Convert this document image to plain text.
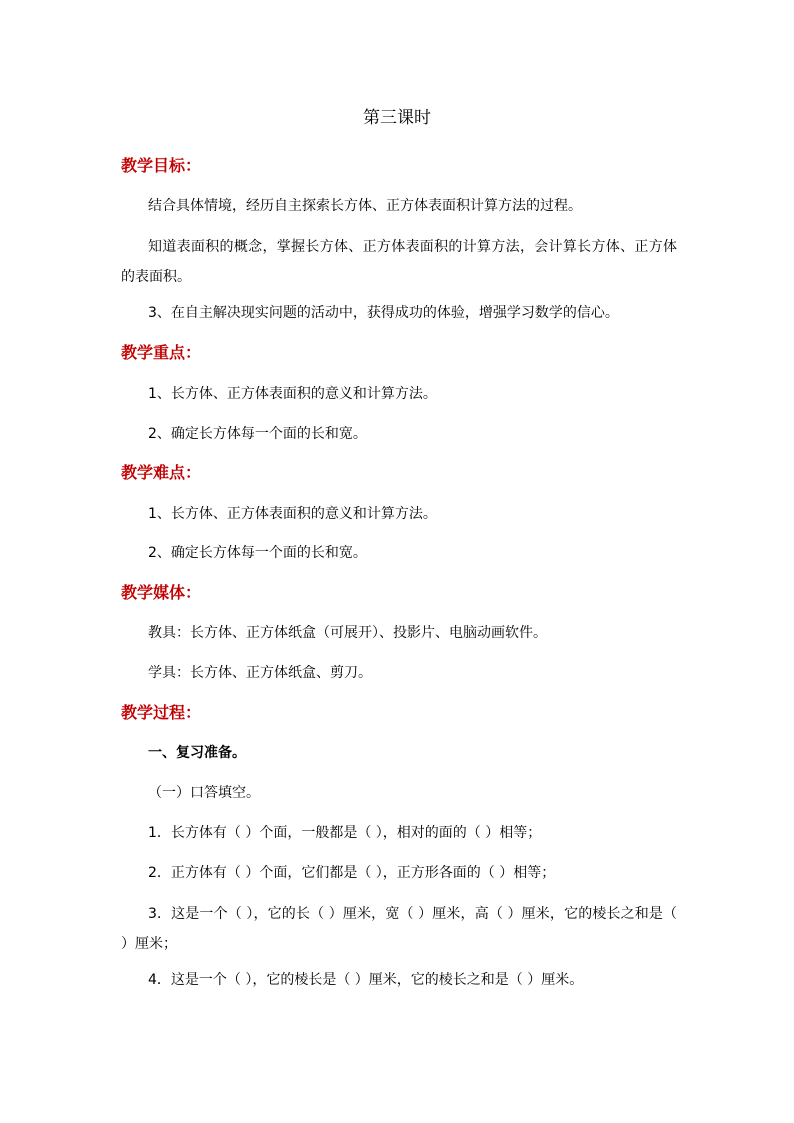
第三课时
教学目标：
结合具体情境，经历自主探索长方体、正方体表面积计算方法的过程。
知道表面积的概念，掌握长方体、正方体表面积的计算方法，会计算长方体、正方体的表面积。
3、在自主解决现实问题的活动中，获得成功的体验，增强学习数学的信心。
教学重点：
1、长方体、正方体表面积的意义和计算方法。
2、确定长方体每一个面的长和宽。
教学难点：
1、长方体、正方体表面积的意义和计算方法。
2、确定长方体每一个面的长和宽。
教学媒体：
教具：长方体、正方体纸盒（可展开）、投影片、电脑动画软件。
学具：长方体、正方体纸盒、剪刀。
教学过程：
一、复习准备。
（一）口答填空。
1．长方体有（ ）个面，一般都是（ ），相对的面的（ ）相等；
2．正方体有（ ）个面，它们都是（ ），正方形各面的（ ）相等；
3．这是一个（ ），它的长（ ）厘米，宽（ ）厘米，高（ ）厘米，它的棱长之和是（ ）厘米；
4．这是一个（ ），它的棱长是（ ）厘米，它的棱长之和是（ ）厘米。
